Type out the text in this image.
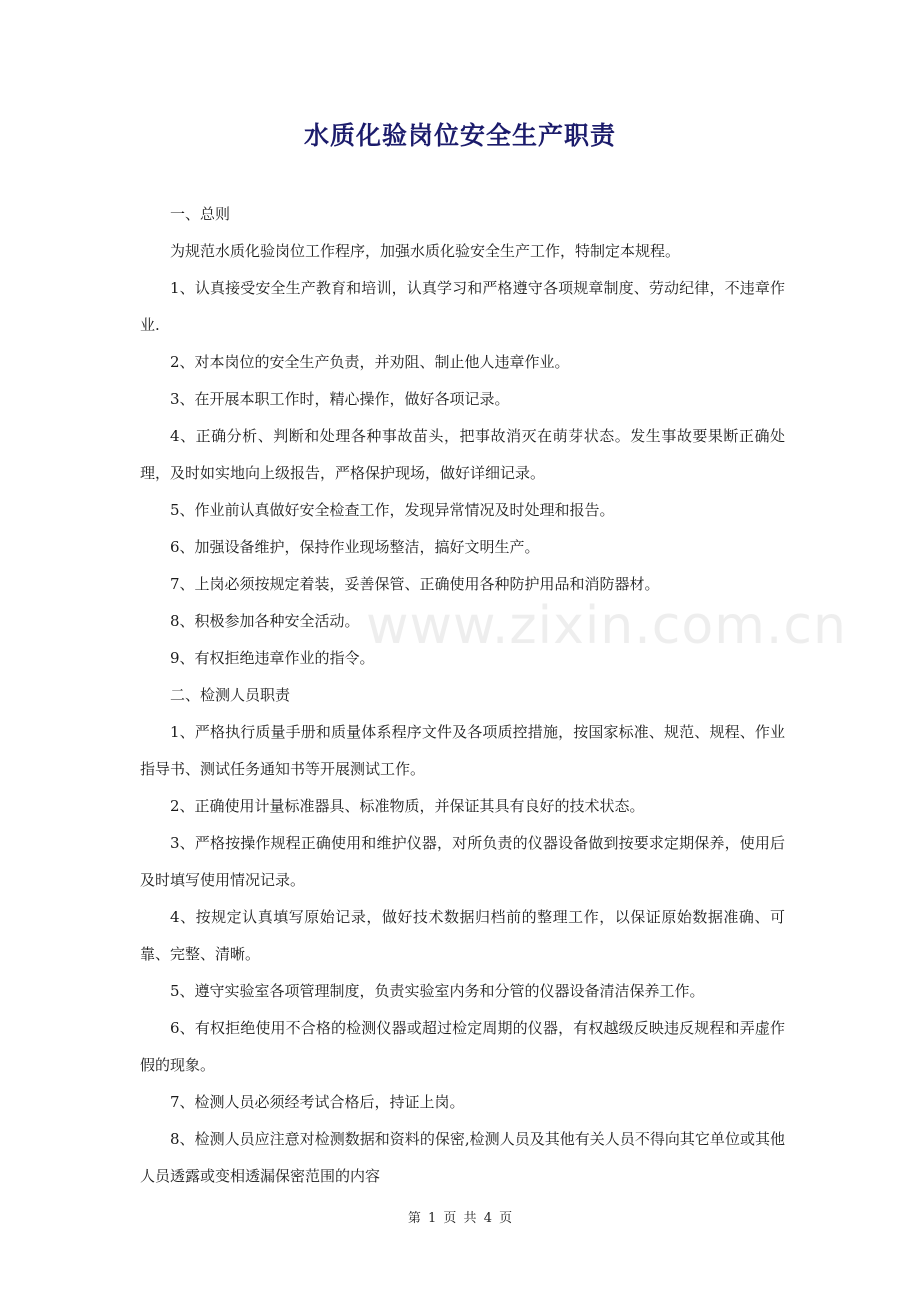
水质化验岗位安全生产职责

一、总则

为规范水质化验岗位工作程序，加强水质化验安全生产工作，特制定本规程。

1、认真接受安全生产教育和培训，认真学习和严格遵守各项规章制度、劳动纪律，不违章作业.

2、对本岗位的安全生产负责，并劝阻、制止他人违章作业。

3、在开展本职工作时，精心操作，做好各项记录。

4、正确分析、判断和处理各种事故苗头，把事故消灭在萌芽状态。发生事故要果断正确处理，及时如实地向上级报告，严格保护现场，做好详细记录。

5、作业前认真做好安全检查工作，发现异常情况及时处理和报告。

6、加强设备维护，保持作业现场整洁，搞好文明生产。

7、上岗必须按规定着装，妥善保管、正确使用各种防护用品和消防器材。

8、积极参加各种安全活动。

9、有权拒绝违章作业的指令。

二、检测人员职责

1、严格执行质量手册和质量体系程序文件及各项质控措施，按国家标准、规范、规程、作业指导书、测试任务通知书等开展测试工作。

2、正确使用计量标准器具、标准物质，并保证其具有良好的技术状态。

3、严格按操作规程正确使用和维护仪器，对所负责的仪器设备做到按要求定期保养，使用后及时填写使用情况记录。

4、按规定认真填写原始记录，做好技术数据归档前的整理工作，以保证原始数据准确、可靠、完整、清晰。

5、遵守实验室各项管理制度，负责实验室内务和分管的仪器设备清洁保养工作。

6、有权拒绝使用不合格的检测仪器或超过检定周期的仪器，有权越级反映违反规程和弄虚作假的现象。

7、检测人员必须经考试合格后，持证上岗。

8、检测人员应注意对检测数据和资料的保密,检测人员及其他有关人员不得向其它单位或其他人员透露或变相透漏保密范围的内容

www.zixin.com.cn
第 1 页 共 4 页
